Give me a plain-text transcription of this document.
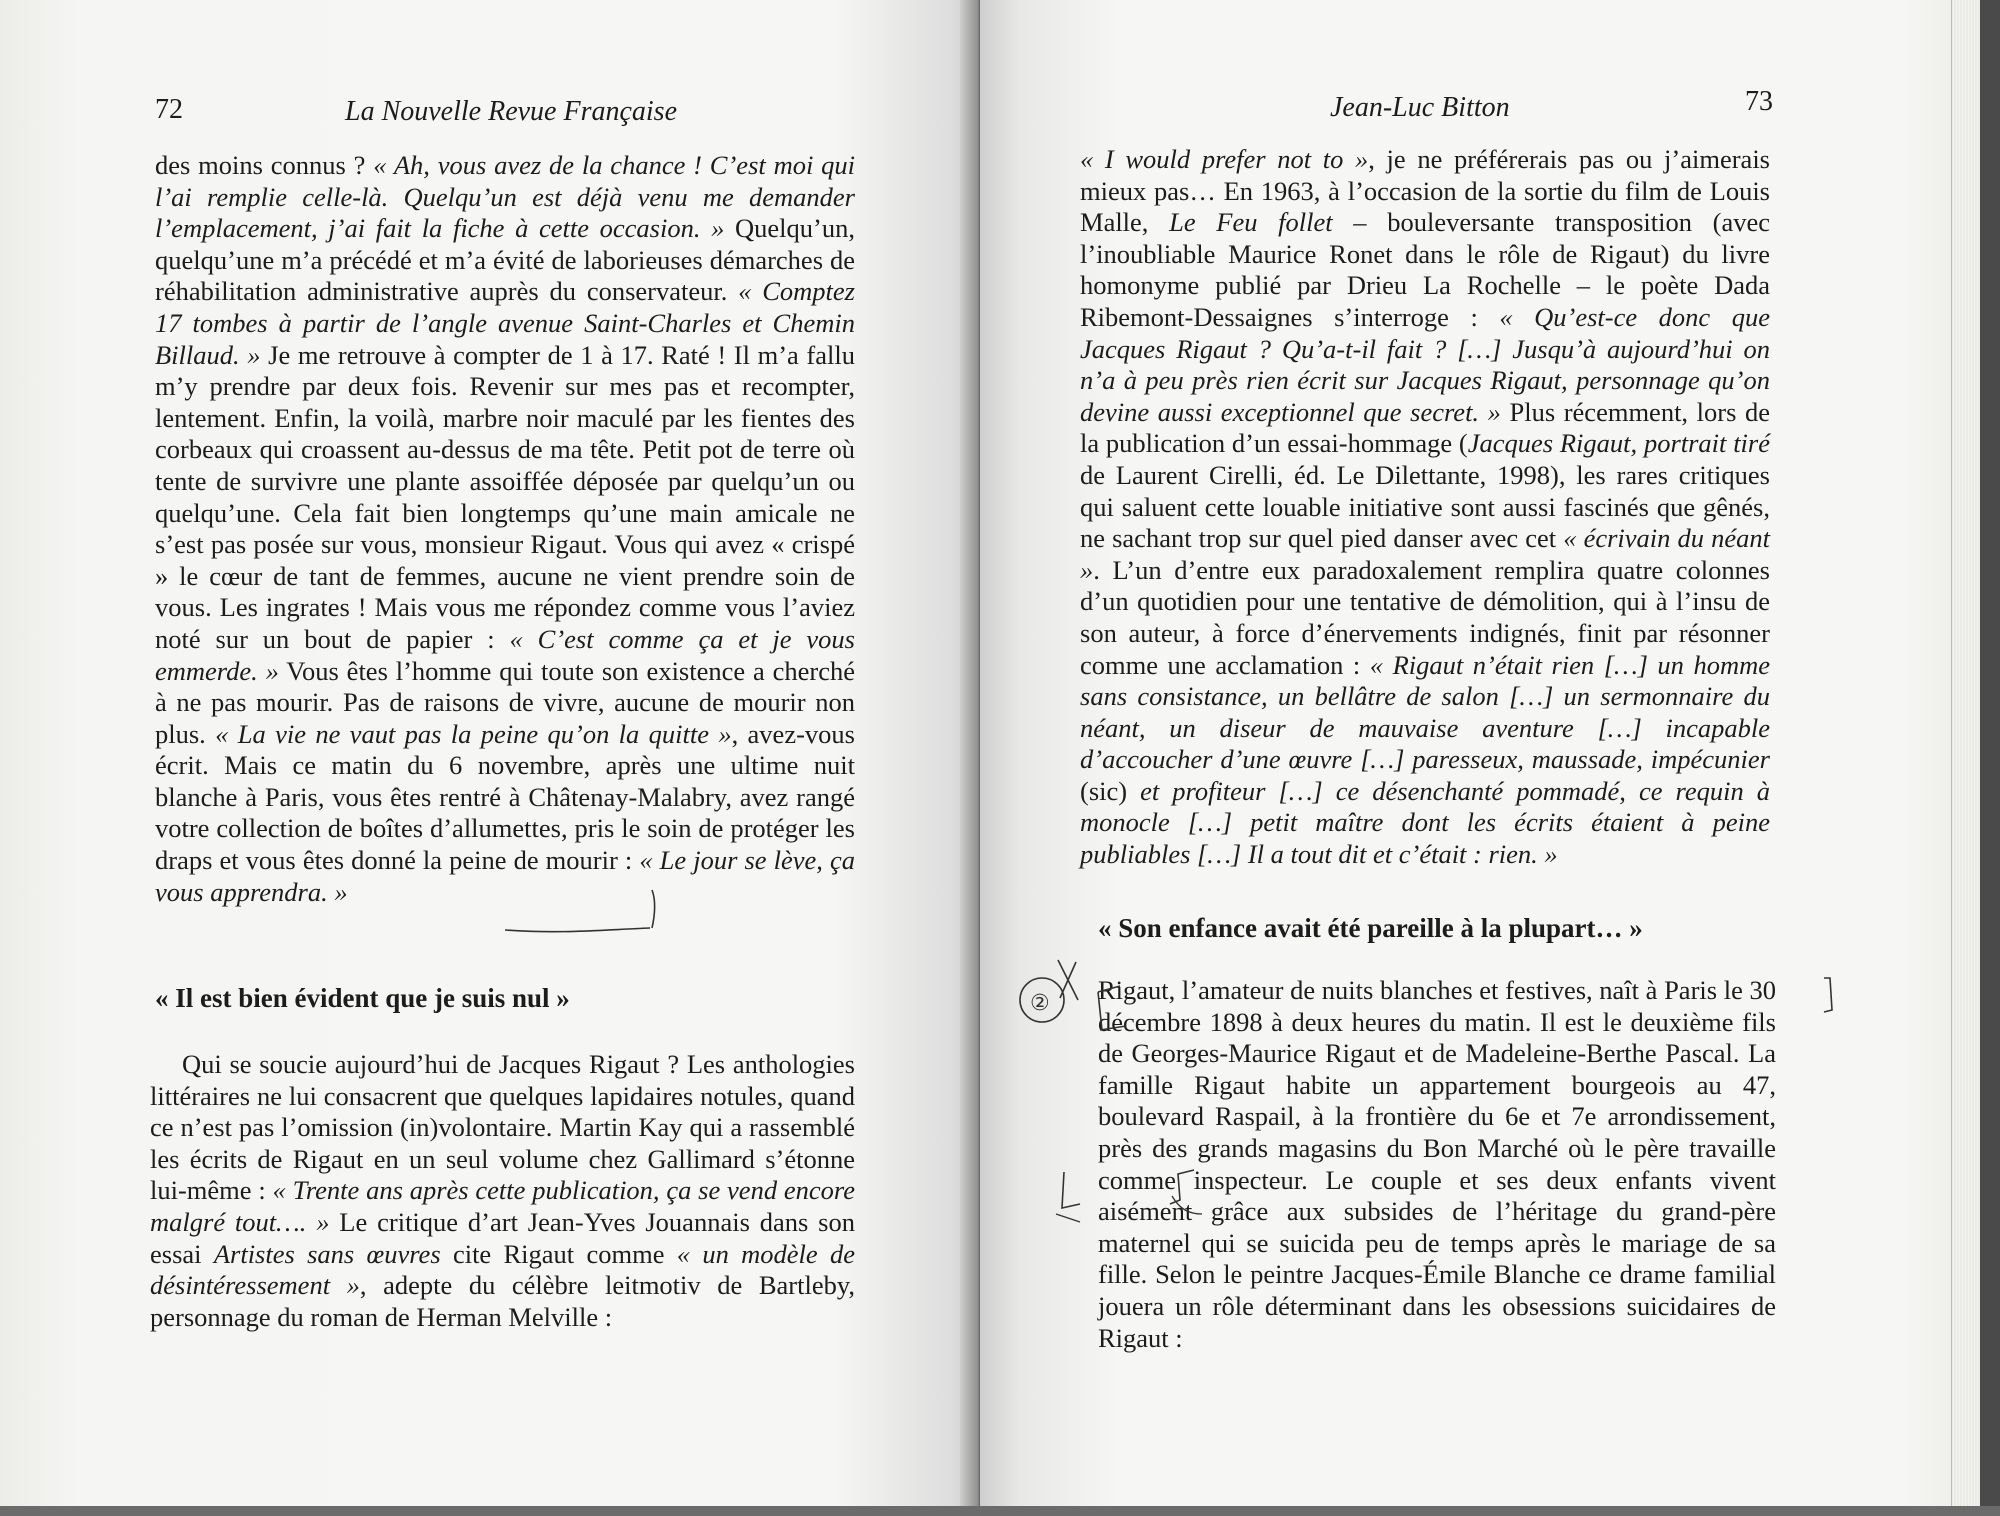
72	La Nouvelle Revue Française

des moins connus ? « Ah, vous avez de la chance ! C’est moi qui l’ai remplie celle-là. Quelqu’un est déjà venu me demander l’emplacement, j’ai fait la fiche à cette occasion. » Quelqu’un, quelqu’une m’a précédé et m’a évité de laborieuses démarches de réhabilitation administrative auprès du conservateur. « Comptez 17 tombes à partir de l’angle avenue Saint-Charles et Chemin Billaud. » Je me retrouve à compter de 1 à 17. Raté ! Il m’a fallu m’y prendre par deux fois. Revenir sur mes pas et recompter, lentement. Enfin, la voilà, marbre noir maculé par les fientes des corbeaux qui croassent au-dessus de ma tête. Petit pot de terre où tente de survivre une plante assoiffée déposée par quelqu’un ou quelqu’une. Cela fait bien longtemps qu’une main amicale ne s’est pas posée sur vous, monsieur Rigaut. Vous qui avez « crispé » le cœur de tant de femmes, aucune ne vient prendre soin de vous. Les ingrates ! Mais vous me répondez comme vous l’aviez noté sur un bout de papier : « C’est comme ça et je vous emmerde. » Vous êtes l’homme qui toute son existence a cherché à ne pas mourir. Pas de raisons de vivre, aucune de mourir non plus. « La vie ne vaut pas la peine qu’on la quitte », avez-vous écrit. Mais ce matin du 6 novembre, après une ultime nuit blanche à Paris, vous êtes rentré à Châtenay-Malabry, avez rangé votre collection de boîtes d’allumettes, pris le soin de protéger les draps et vous êtes donné la peine de mourir : « Le jour se lève, ça vous apprendra. »

« Il est bien évident que je suis nul »

Qui se soucie aujourd’hui de Jacques Rigaut ? Les anthologies littéraires ne lui consacrent que quelques lapidaires notules, quand ce n’est pas l’omission (in)volontaire. Martin Kay qui a rassemblé les écrits de Rigaut en un seul volume chez Gallimard s’étonne lui-même : « Trente ans après cette publication, ça se vend encore malgré tout…. » Le critique d’art Jean-Yves Jouannais dans son essai Artistes sans œuvres cite Rigaut comme « un modèle de désintéressement », adepte du célèbre leitmotiv de Bartleby, personnage du roman de Herman Melville :

Jean-Luc Bitton	73

« I would prefer not to », je ne préférerais pas ou j’aimerais mieux pas… En 1963, à l’occasion de la sortie du film de Louis Malle, Le Feu follet – bouleversante transposition (avec l’inoubliable Maurice Ronet dans le rôle de Rigaut) du livre homonyme publié par Drieu La Rochelle – le poète Dada Ribemont-Dessaignes s’interroge : « Qu’est-ce donc que Jacques Rigaut ? Qu’a-t-il fait ? […] Jusqu’à aujourd’hui on n’a à peu près rien écrit sur Jacques Rigaut, personnage qu’on devine aussi exceptionnel que secret. » Plus récemment, lors de la publication d’un essai-hommage (Jacques Rigaut, portrait tiré de Laurent Cirelli, éd. Le Dilettante, 1998), les rares critiques qui saluent cette louable initiative sont aussi fascinés que gênés, ne sachant trop sur quel pied danser avec cet « écrivain du néant ». L’un d’entre eux paradoxalement remplira quatre colonnes d’un quotidien pour une tentative de démolition, qui à l’insu de son auteur, à force d’énervements indignés, finit par résonner comme une acclamation : « Rigaut n’était rien […] un homme sans consistance, un bellâtre de salon […] un sermonnaire du néant, un diseur de mauvaise aventure […] incapable d’accoucher d’une œuvre […] paresseux, maussade, impécunier (sic) et profiteur […] ce désenchanté pommadé, ce requin à monocle […] petit maître dont les écrits étaient à peine publiables […] Il a tout dit et c’était : rien. »

« Son enfance avait été pareille à la plupart… »

Rigaut, l’amateur de nuits blanches et festives, naît à Paris le 30 décembre 1898 à deux heures du matin. Il est le deuxième fils de Georges-Maurice Rigaut et de Madeleine-Berthe Pascal. La famille Rigaut habite un appartement bourgeois au 47, boulevard Raspail, à la frontière du 6e et 7e arrondissement, près des grands magasins du Bon Marché où le père travaille comme inspecteur. Le couple et ses deux enfants vivent aisément grâce aux subsides de l’héritage du grand-père maternel qui se suicida peu de temps après le mariage de sa fille. Selon le peintre Jacques-Émile Blanche ce drame familial jouera un rôle déterminant dans les obsessions suicidaires de Rigaut :

②
